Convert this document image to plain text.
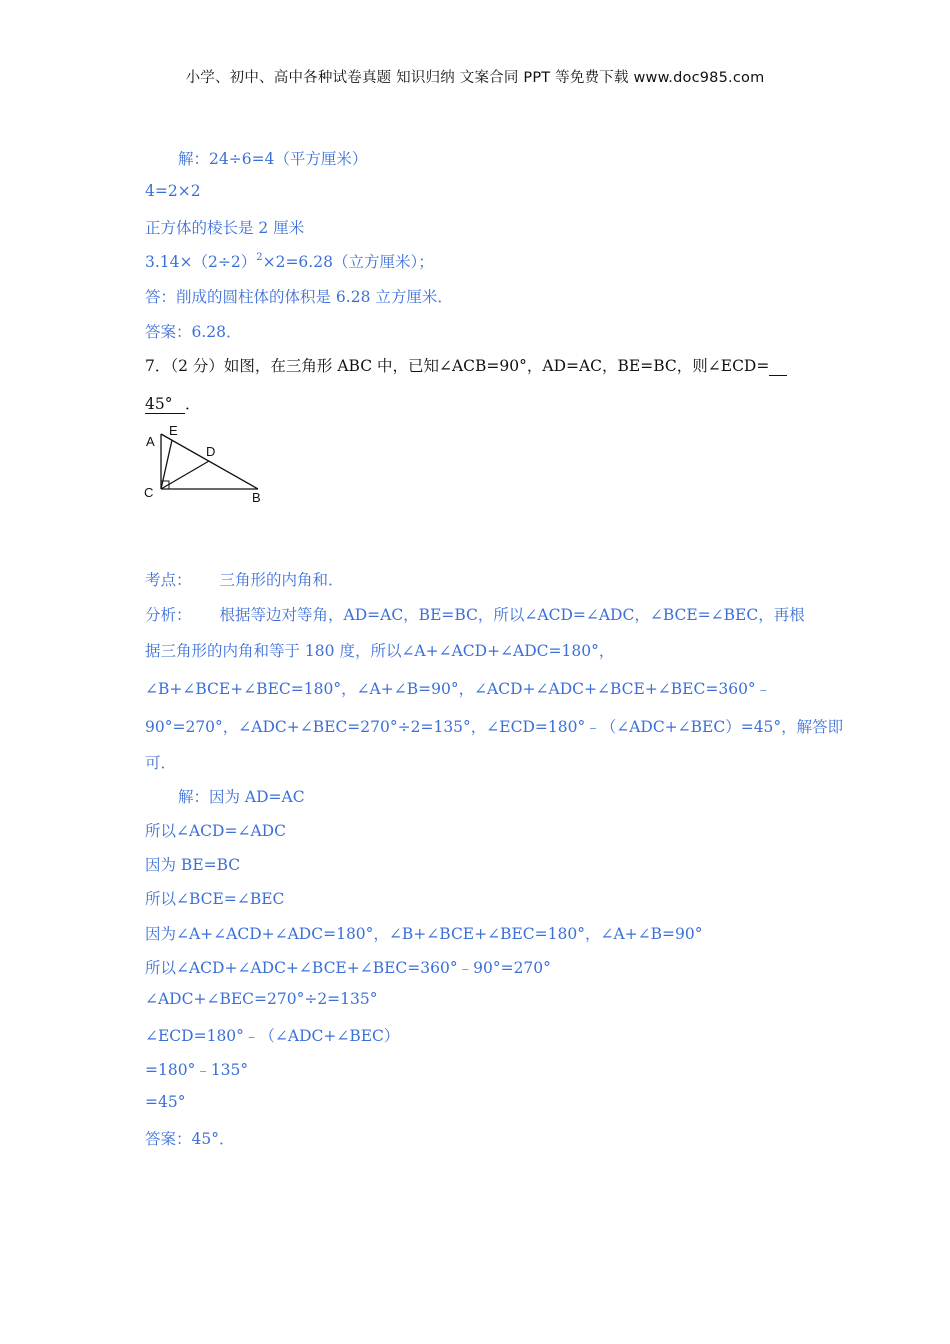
小学、初中、高中各种试卷真题 知识归纳 文案合同 PPT 等免费下载 www.doc985.com
解：24÷6=4（平方厘米）
4=2×2
正方体的棱长是 2 厘米
$3.14\times(2\div 2)^2\times 2=6.28$（立方厘米）；
答：削成的圆柱体的体积是 6.28 立方厘米．
答案：6.28．
7．（2 分）如图，在三角形 ABC 中，已知∠ACB=90°，AD=AC，BE=BC，则∠ECD=
45° ．
A
E
D
C	B
考点： 三角形的内角和．
分析： 根据等边对等角，AD=AC，BE=BC，所以∠ACD=∠ADC，∠BCE=∠BEC，再根
据三角形的内角和等于 180 度，所以∠A+∠ACD+∠ADC=180°，
∠B+∠BCE+∠BEC=180°，∠A+∠B=90°，∠ACD+∠ADC+∠BCE+∠BEC=360°﹣
90°=270°，∠ADC+∠BEC=270°÷2=135°，∠ECD=180°﹣（∠ADC+∠BEC）=45°，解答即
可．
解：因为 AD=AC
所以∠ACD=∠ADC
因为 BE=BC
所以∠BCE=∠BEC
因为∠A+∠ACD+∠ADC=180°，∠B+∠BCE+∠BEC=180°，∠A+∠B=90°
所以∠ACD+∠ADC+∠BCE+∠BEC=360°﹣90°=270°
∠ADC+∠BEC=270°÷2=135°
∠ECD=180°﹣（∠ADC+∠BEC）
=180°﹣135°
=45°
答案：45°．
